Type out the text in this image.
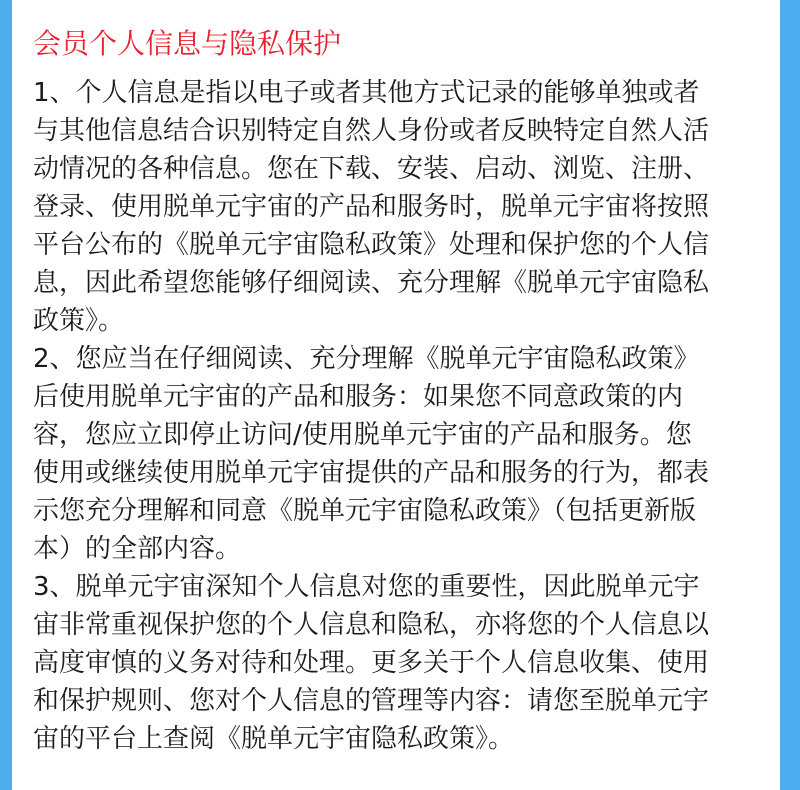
会员个人信息与隐私保护

1、个人信息是指以电子或者其他方式记录的能够单独或者
与其他信息结合识别特定自然人身份或者反映特定自然人活
动情况的各种信息。您在下载、安装、启动、浏览、注册、
登录、使用脱单元宇宙的产品和服务时，脱单元宇宙将按照
平台公布的《脱单元宇宙隐私政策》处理和保护您的个人信
息，因此希望您能够仔细阅读、充分理解《脱单元宇宙隐私
政策》。

2、您应当在仔细阅读、充分理解《脱单元宇宙隐私政策》
后使用脱单元宇宙的产品和服务：如果您不同意政策的内
容，您应立即停止访问/使用脱单元宇宙的产品和服务。您
使用或继续使用脱单元宇宙提供的产品和服务的行为，都表
示您充分理解和同意《脱单元宇宙隐私政策》（包括更新版
本）的全部内容。

3、脱单元宇宙深知个人信息对您的重要性，因此脱单元宇
宙非常重视保护您的个人信息和隐私，亦将您的个人信息以
高度审慎的义务对待和处理。更多关于个人信息收集、使用
和保护规则、您对个人信息的管理等内容：请您至脱单元宇
宙的平台上查阅《脱单元宇宙隐私政策》。
